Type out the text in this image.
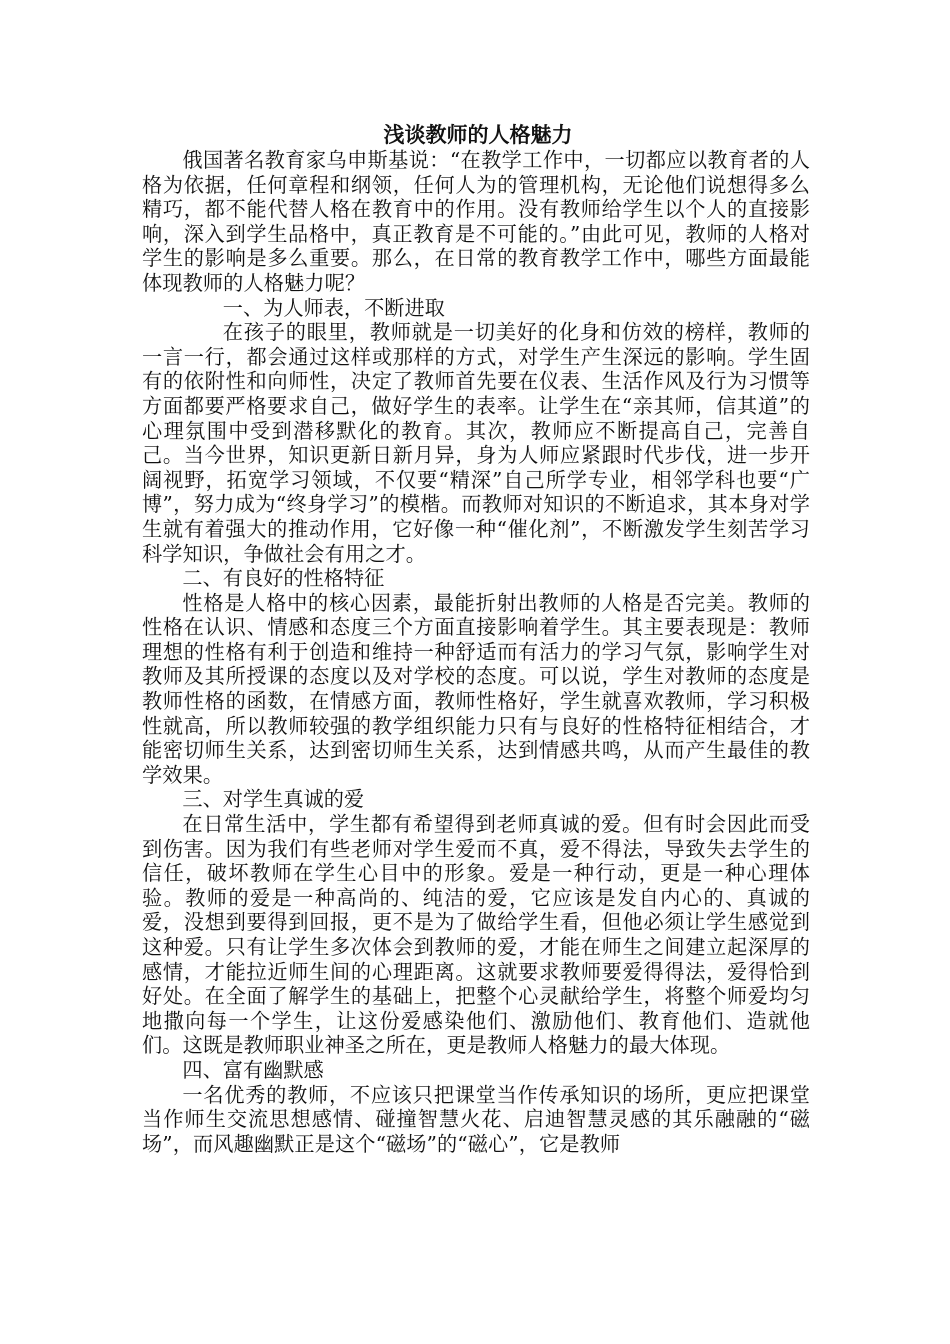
浅谈教师的人格魅力

俄国著名教育家乌申斯基说：“在教学工作中，一切都应以教育者的人格为依据，任何章程和纲领，任何人为的管理机构，无论他们说想得多么精巧，都不能代替人格在教育中的作用。没有教师给学生以个人的直接影响，深入到学生品格中，真正教育是不可能的。”由此可见，教师的人格对学生的影响是多么重要。那么，在日常的教育教学工作中，哪些方面最能体现教师的人格魅力呢？

一、为人师表，不断进取

在孩子的眼里，教师就是一切美好的化身和仿效的榜样，教师的一言一行，都会通过这样或那样的方式，对学生产生深远的影响。学生固有的依附性和向师性，决定了教师首先要在仪表、生活作风及行为习惯等方面都要严格要求自己，做好学生的表率。让学生在“亲其师，信其道”的心理氛围中受到潜移默化的教育。其次，教师应不断提高自己，完善自己。当今世界，知识更新日新月异，身为人师应紧跟时代步伐，进一步开阔视野，拓宽学习领域，不仅要“精深”自己所学专业，相邻学科也要“广博”，努力成为“终身学习”的模楷。而教师对知识的不断追求，其本身对学生就有着强大的推动作用，它好像一种“催化剂”，不断激发学生刻苦学习科学知识，争做社会有用之才。

二、有良好的性格特征

性格是人格中的核心因素，最能折射出教师的人格是否完美。教师的性格在认识、情感和态度三个方面直接影响着学生。其主要表现是：教师理想的性格有利于创造和维持一种舒适而有活力的学习气氛，影响学生对教师及其所授课的态度以及对学校的态度。可以说，学生对教师的态度是教师性格的函数，在情感方面，教师性格好，学生就喜欢教师，学习积极性就高，所以教师较强的教学组织能力只有与良好的性格特征相结合，才能密切师生关系，达到密切师生关系，达到情感共鸣，从而产生最佳的教学效果。

三、对学生真诚的爱

在日常生活中，学生都有希望得到老师真诚的爱。但有时会因此而受到伤害。因为我们有些老师对学生爱而不真，爱不得法，导致失去学生的信任，破坏教师在学生心目中的形象。爱是一种行动，更是一种心理体验。教师的爱是一种高尚的、纯洁的爱，它应该是发自内心的、真诚的爱，没想到要得到回报，更不是为了做给学生看，但他必须让学生感觉到这种爱。只有让学生多次体会到教师的爱，才能在师生之间建立起深厚的感情，才能拉近师生间的心理距离。这就要求教师要爱得得法，爱得恰到好处。在全面了解学生的基础上，把整个心灵献给学生，将整个师爱均匀地撒向每一个学生，让这份爱感染他们、激励他们、教育他们、造就他们。这既是教师职业神圣之所在，更是教师人格魅力的最大体现。

四、富有幽默感

一名优秀的教师，不应该只把课堂当作传承知识的场所，更应把课堂当作师生交流思想感情、碰撞智慧火花、启迪智慧灵感的其乐融融的“磁场”，而风趣幽默正是这个“磁场”的“磁心”，它是教师
